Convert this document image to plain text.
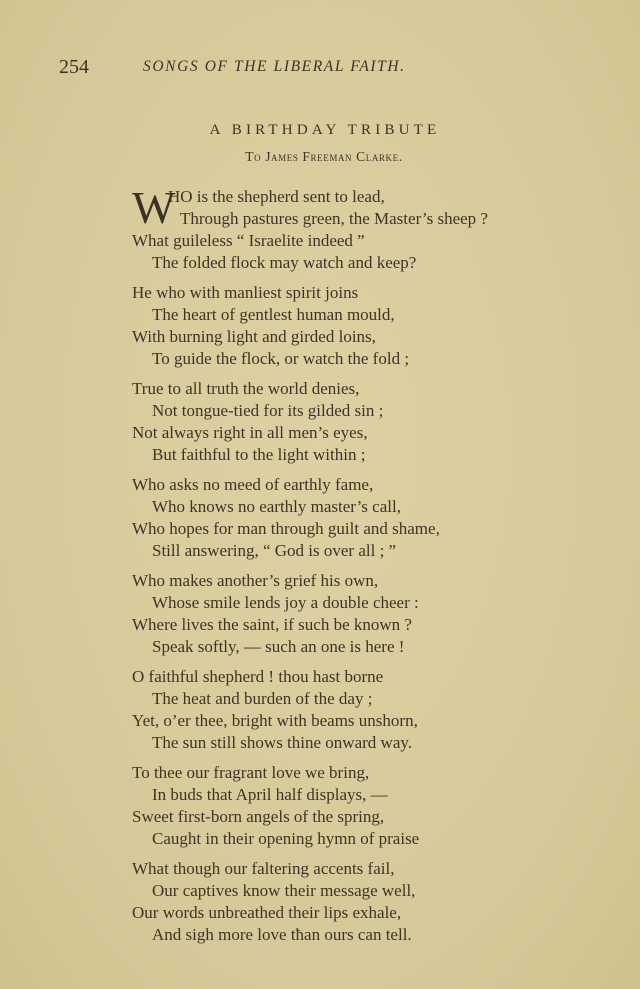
254	SONGS OF THE LIBERAL FAITH.
A BIRTHDAY TRIBUTE
To James Freeman Clarke.
W
HO is the shepherd sent to lead,
Through pastures green, the Master’s sheep ?
What guileless “ Israelite indeed ”
The folded flock may watch and keep?
He who with manliest spirit joins
The heart of gentlest human mould,
With burning light and girded loins,
To guide the flock, or watch the fold ;
True to all truth the world denies,
Not tongue-tied for its gilded sin ;
Not always right in all men’s eyes,
But faithful to the light within ;
Who asks no meed of earthly fame,
Who knows no earthly master’s call,
Who hopes for man through guilt and shame,
Still answering, “ God is over all ; ”
Who makes another’s grief his own,
Whose smile lends joy a double cheer :
Where lives the saint, if such be known ?
Speak softly, — such an one is here !
O faithful shepherd ! thou hast borne
The heat and burden of the day ;
Yet, o’er thee, bright with beams unshorn,
The sun still shows thine onward way.
To thee our fragrant love we bring,
In buds that April half displays, —
Sweet first-born angels of the spring,
Caught in their opening hymn of praise
What though our faltering accents fail,
Our captives know their message well,
Our words unbreathed their lips exhale,
And sigh more love tħan ours can tell.
